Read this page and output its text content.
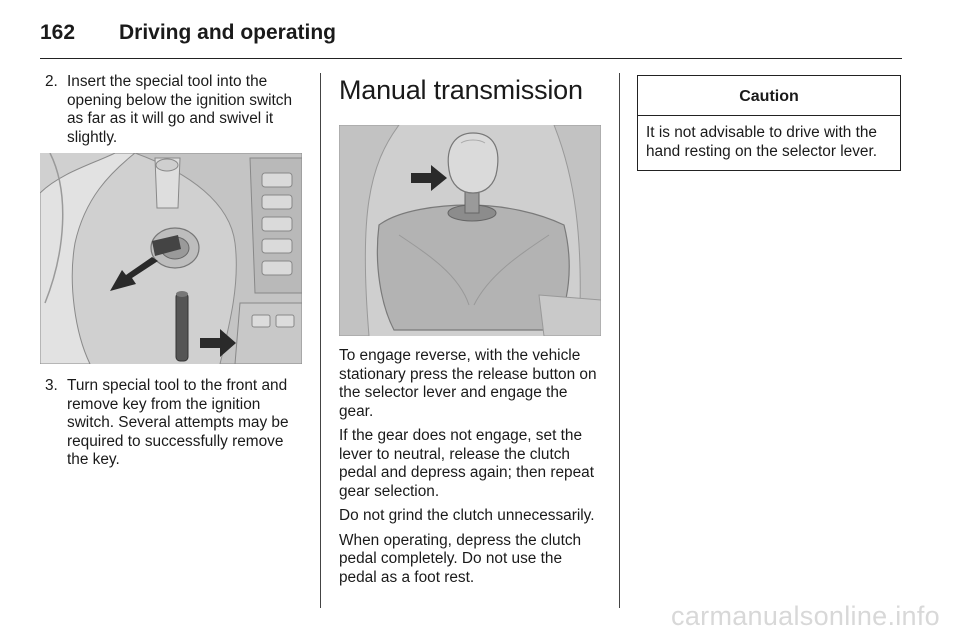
162	Driving and operating
2. Insert the special tool into the opening below the ignition switch as far as it will go and swivel it slightly.
3. Turn special tool to the front and remove key from the ignition switch. Several attempts may be required to successfully remove the key.
Manual transmission

To engage reverse, with the vehicle stationary press the release button on the selector lever and engage the gear.

If the gear does not engage, set the lever to neutral, release the clutch pedal and depress again; then repeat gear selection.

Do not grind the clutch unnecessarily.

When operating, depress the clutch pedal completely. Do not use the pedal as a foot rest.

Caution
It is not advisable to drive with the hand resting on the selector lever.
carmanualsonline.info
